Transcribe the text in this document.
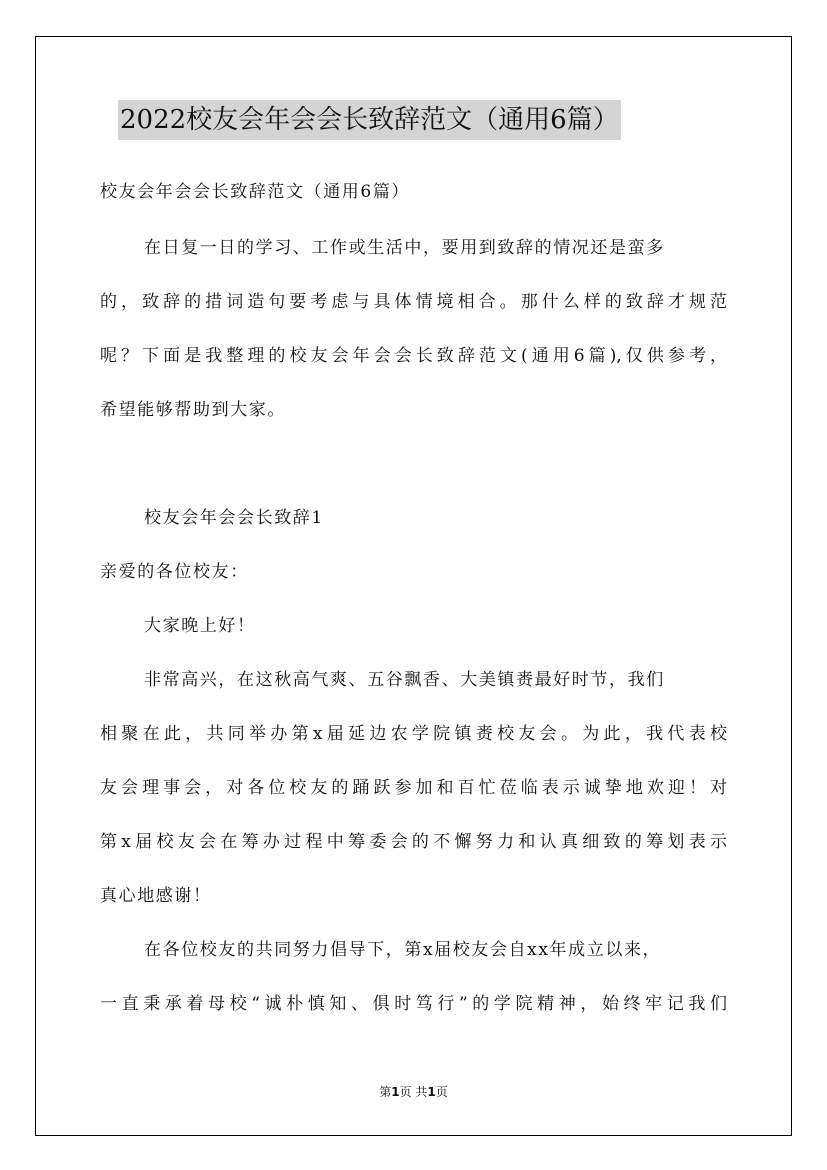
2022校友会年会会长致辞范文（通用6篇）
校友会年会会长致辞范文（通用6篇）
在日复一日的学习、工作或生活中，要用到致辞的情况还是蛮多
的，致辞的措词造句要考虑与具体情境相合。那什么样的致辞才规范
呢？下面是我整理的校友会年会会长致辞范文(通用6篇),仅供参考，
希望能够帮助到大家。
校友会年会会长致辞1
亲爱的各位校友：
大家晚上好！
非常高兴，在这秋高气爽、五谷飘香、大美镇赉最好时节，我们
相聚在此，共同举办第x届延边农学院镇赉校友会。为此，我代表校
友会理事会，对各位校友的踊跃参加和百忙莅临表示诚挚地欢迎！对
第x届校友会在筹办过程中筹委会的不懈努力和认真细致的筹划表示
真心地感谢！
在各位校友的共同努力倡导下，第x届校友会自xx年成立以来，
一直秉承着母校“诚朴慎知、俱时笃行”的学院精神，始终牢记我们
第1页 共1页
